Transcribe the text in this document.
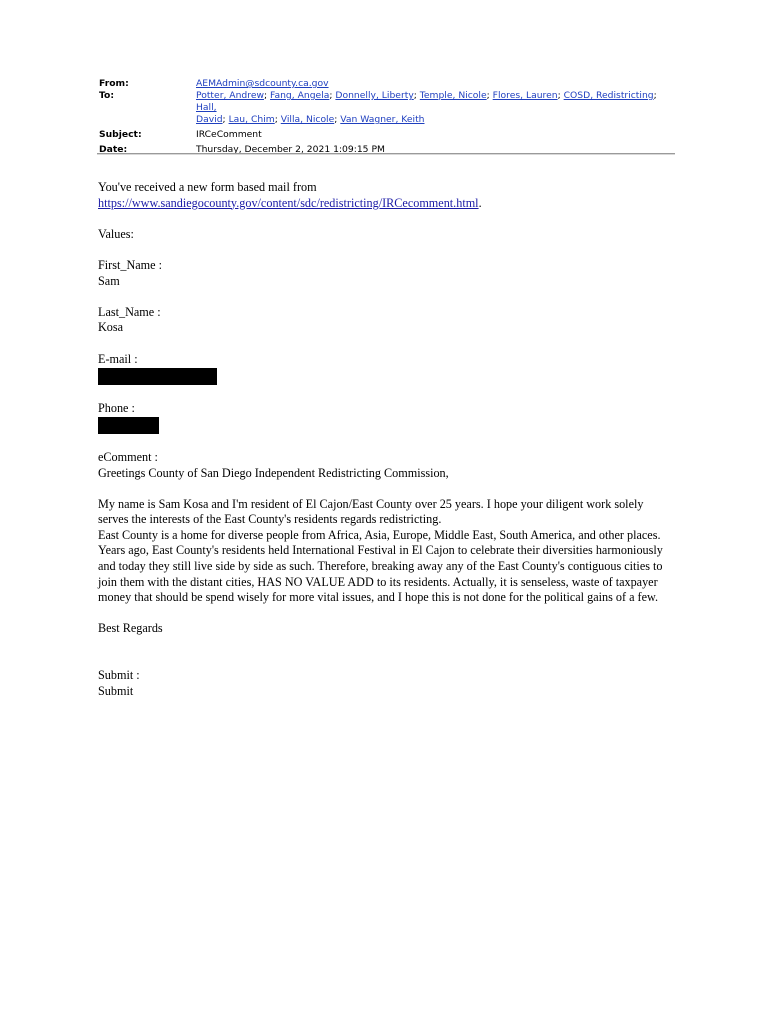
From:	AEMAdmin@sdcounty.ca.gov
To:	Potter, Andrew; Fang, Angela; Donnelly, Liberty; Temple, Nicole; Flores, Lauren; COSD, Redistricting; Hall,
David; Lau, Chim; Villa, Nicole; Van Wagner, Keith
Subject:	IRCeComment
Date:	Thursday, December 2, 2021 1:09:15 PM

You've received a new form based mail from

https://www.sandiegocounty.gov/content/sdc/redistricting/IRCecomment.html.

Values:

First_Name :

Sam

Last_Name :

Kosa

E-mail :

Phone :

eComment :

Greetings County of San Diego Independent Redistricting Commission,

My name is Sam Kosa and I'm resident of El Cajon/East County over 25 years. I hope your diligent work solely

serves the interests of the East County's residents regards redistricting.

East County is a home for diverse people from Africa, Asia, Europe, Middle East, South America, and other places.

Years ago, East County's residents held International Festival in El Cajon to celebrate their diversities harmoniously

and today they still live side by side as such. Therefore, breaking away any of the East County's contiguous cities to

join them with the distant cities, HAS NO VALUE ADD to its residents. Actually, it is senseless, waste of taxpayer

money that should be spend wisely for more vital issues, and I hope this is not done for the political gains of a few.

Best Regards

Submit :

Submit
